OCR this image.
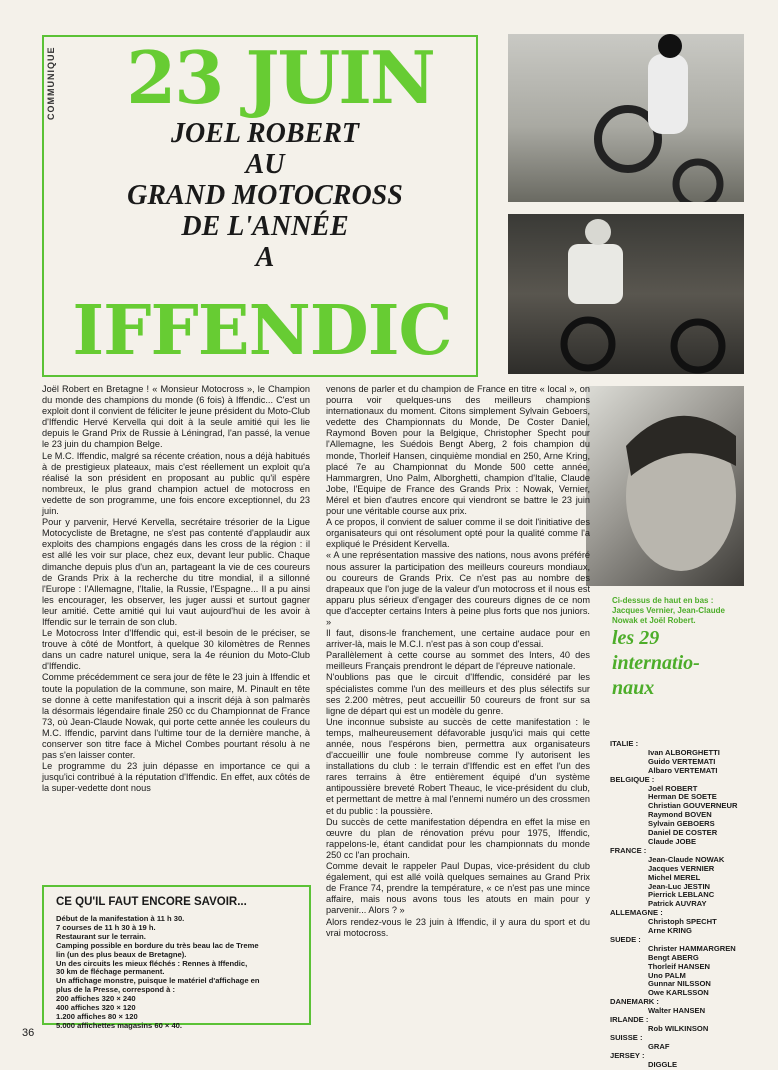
COMMUNIQUE 23 JUIN
JOEL ROBERT
AU
GRAND MOTOCROSS
DE L'ANNÉE
A
IFFENDIC
Ci-dessus de haut en bas : Jacques Vernier, Jean-Claude Nowak et Joël Robert.

Joël Robert en Bretagne ! « Monsieur Motocross », le Champion du monde des champions du monde (6 fois) à Iffendic... C'est un exploit dont il convient de féliciter le jeune président du Moto-Club d'Iffendic Hervé Kervella qui doit à la seule amitié qui les lie depuis le Grand Prix de Russie à Léningrad, l'an passé, la venue le 23 juin du champion Belge.

Le M.C. Iffendic, malgré sa récente création, nous a déjà habitués à de prestigieux plateaux, mais c'est réellement un exploit qu'a réalisé la son président en proposant au public qu'il espère nombreux, le plus grand champion actuel de motocross en vedette de son programme, une fois encore exceptionnel, du 23 juin.

Pour y parvenir, Hervé Kervella, secrétaire trésorier de la Ligue Motocycliste de Bretagne, ne s'est pas contenté d'applaudir aux exploits des champions engagés dans les cross de la région : il est allé les voir sur place, chez eux, devant leur public. Chaque dimanche depuis plus d'un an, partageant la vie de ces coureurs de Grands Prix à la recherche du titre mondial, il a sillonné l'Europe : l'Allemagne, l'Italie, la Russie, l'Espagne... Il a pu ainsi les encourager, les observer, les juger aussi et surtout gagner leur amitié. Cette amitié qui lui vaut aujourd'hui de les avoir à Iffendic sur le terrain de son club.

Le Motocross Inter d'Iffendic qui, est-il besoin de le préciser, se trouve à côté de Montfort, à quelque 30 kilomètres de Rennes dans un cadre naturel unique, sera la 4e réunion du Moto-Club d'Iffendic.

Comme précédemment ce sera jour de fête le 23 juin à Iffendic et toute la population de la commune, son maire, M. Pinault en tête se donne à cette manifestation qui a inscrit déjà à son palmarès la désormais légendaire finale 250 cc du Championnat de France 73, où Jean-Claude Nowak, qui porte cette année les couleurs du M.C. Iffendic, parvint dans l'ultime tour de la dernière manche, à conserver son titre face à Michel Combes pourtant résolu à ne pas s'en laisser conter.

Le programme du 23 juin dépasse en importance ce qui a jusqu'ici contribué à la réputation d'Iffendic. En effet, aux côtés de la super-vedette dont nous

venons de parler et du champion de France en titre « local », on pourra voir quelques-uns des meilleurs champions internationaux du moment. Citons simplement Sylvain Geboers, vedette des Championnats du Monde, De Coster Daniel, Raymond Boven pour la Belgique, Christopher Specht pour l'Allemagne, les Suédois Bengt Aberg, 2 fois champion du monde, Thorleif Hansen, cinquième mondial en 250, Arne Kring, placé 7e au Championnat du Monde 500 cette année, Hammargren, Uno Palm, Alborghetti, champion d'Italie, Claude Jobe, l'Equipe de France des Grands Prix : Nowak, Vernier, Mérel et bien d'autres encore qui viendront se battre le 23 juin pour une véritable course aux prix.

A ce propos, il convient de saluer comme il se doit l'initiative des organisateurs qui ont résolument opté pour la qualité comme l'a expliqué le Président Kervella.

« A une représentation massive des nations, nous avons préféré nous assurer la participation des meilleurs coureurs mondiaux, ou coureurs de Grands Prix. Ce n'est pas au nombre des drapeaux que l'on juge de la valeur d'un motocross et il nous est apparu plus sérieux d'engager des coureurs dignes de ce nom que d'accepter certains Inters à peine plus forts que nos juniors. »

Il faut, disons-le franchement, une certaine audace pour en arriver-là, mais le M.C.I. n'est pas à son coup d'essai.

Parallèlement à cette course au sommet des Inters, 40 des meilleurs Français prendront le départ de l'épreuve nationale.

N'oublions pas que le circuit d'Iffendic, considéré par les spécialistes comme l'un des meilleurs et des plus sélectifs sur ses 2.200 mètres, peut accueillir 50 coureurs de front sur sa ligne de départ qui est un modèle du genre.

Une inconnue subsiste au succès de cette manifestation : le temps, malheureusement défavorable jusqu'ici mais qui cette année, nous l'espérons bien, permettra aux organisateurs d'accueillir une foule nombreuse comme l'y autorisent les installations du club : le terrain d'Iffendic est en effet l'un des rares terrains à être entièrement équipé d'un système antipoussière breveté Robert Theauc, le vice-président du club, et permettant de mettre à mal l'ennemi numéro un des crossmen et du public : la poussière.

Du succès de cette manifestation dépendra en effet la mise en œuvre du plan de rénovation prévu pour 1975, Iffendic, rappelons-le, étant candidat pour les championnats du monde 250 cc l'an prochain.

Comme devait le rappeler Paul Dupas, vice-président du club également, qui est allé voilà quelques semaines au Grand Prix de France 74, prendre la température, « ce n'est pas une mince affaire, mais nous avons tous les atouts en main pour y parvenir... Alors ? »

Alors rendez-vous le 23 juin à Iffendic, il y aura du sport et du vrai motocross.

CE QU'IL FAUT ENCORE SAVOIR...
Début de la manifestation à 11 h 30.
7 courses de 11 h 30 à 19 h.
Restaurant sur le terrain.
Camping possible en bordure du très beau lac de Treme
lin (un des plus beaux de Bretagne).
Un des circuits les mieux fléchés : Rennes à Iffendic,
30 km de fléchage permanent.
Un affichage monstre, puisque le matériel d'affichage en
plus de la Presse, correspond à :
200 affiches 320 × 240
400 affiches 320 × 120
1.200 affiches 80 × 120
5.000 affichettes magasins 60 × 40.
36
les 29
internatio-
naux
ITALIE :
Ivan ALBORGHETTI
Guido VERTEMATI
Albaro VERTEMATI
BELGIQUE :
Joël ROBERT
Herman DE SOETE
Christian GOUVERNEUR
Raymond BOVEN
Sylvain GEBOERS
Daniel DE COSTER
Claude JOBE
FRANCE :
Jean-Claude NOWAK
Jacques VERNIER
Michel MEREL
Jean-Luc JESTIN
Pierrick LEBLANC
Patrick AUVRAY
ALLEMAGNE :
Christoph SPECHT
Arne KRING
SUEDE :
Christer HAMMARGREN
Bengt ABERG
Thorleif HANSEN
Uno PALM
Gunnar NILSSON
Owe KARLSSON
DANEMARK :
Walter HANSEN
IRLANDE :
Rob WILKINSON
SUISSE :
GRAF
JERSEY :
DIGGLE
